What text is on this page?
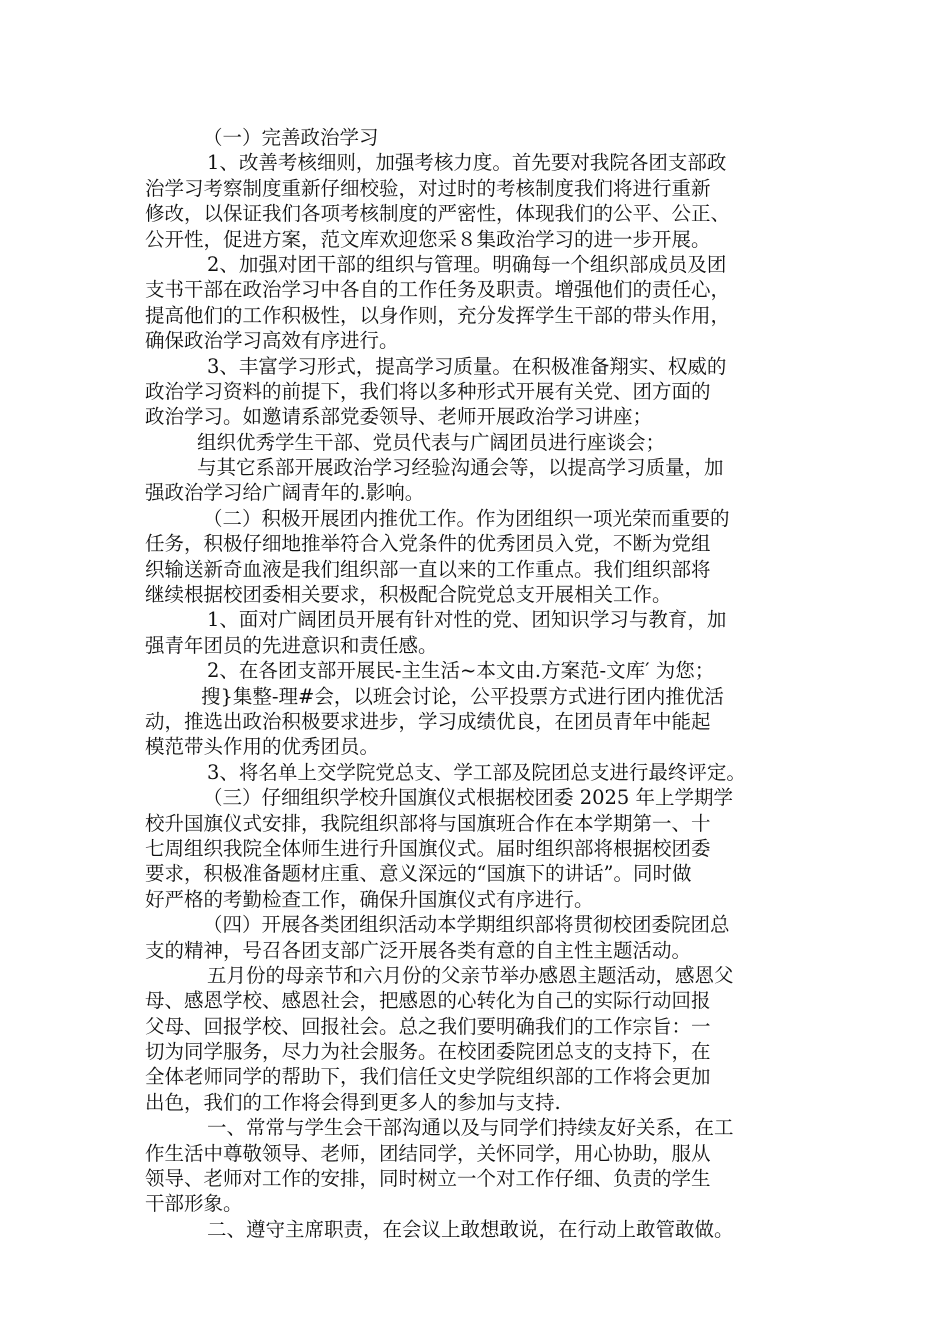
（一）完善政治学习
1、改善考核细则，加强考核力度。首先要对我院各团支部政
治学习考察制度重新仔细校验，对过时的考核制度我们将进行重新
修改，以保证我们各项考核制度的严密性，体现我们的公平、公正、
公开性，促进方案，范文库欢迎您采８集政治学习的进一步开展。
2、加强对团干部的组织与管理。明确每一个组织部成员及团
支书干部在政治学习中各自的工作任务及职责。增强他们的责任心，
提高他们的工作积极性，以身作则，充分发挥学生干部的带头作用，
确保政治学习高效有序进行。
3、丰富学习形式，提高学习质量。在积极准备翔实、权威的
政治学习资料的前提下，我们将以多种形式开展有关党、团方面的
政治学习。如邀请系部党委领导、老师开展政治学习讲座；
组织优秀学生干部、党员代表与广阔团员进行座谈会；
与其它系部开展政治学习经验沟通会等，以提高学习质量，加
强政治学习给广阔青年的.影响。
（二）积极开展团内推优工作。作为团组织一项光荣而重要的
任务，积极仔细地推举符合入党条件的优秀团员入党，不断为党组
织输送新奇血液是我们组织部一直以来的工作重点。我们组织部将
继续根据校团委相关要求，积极配合院党总支开展相关工作。
1、面对广阔团员开展有针对性的党、团知识学习与教育，加
强青年团员的先进意识和责任感。
2、在各团支部开展民-主生活~本文由.方案范-文库′ 为您；
搜}集整-理#会，以班会讨论，公平投票方式进行团内推优活
动，推选出政治积极要求进步，学习成绩优良，在团员青年中能起
模范带头作用的优秀团员。
3、将名单上交学院党总支、学工部及院团总支进行最终评定。
（三）仔细组织学校升国旗仪式根据校团委 2025 年上学期学
校升国旗仪式安排，我院组织部将与国旗班合作在本学期第一、十
七周组织我院全体师生进行升国旗仪式。届时组织部将根据校团委
要求，积极准备题材庄重、意义深远的“国旗下的讲话”。同时做
好严格的考勤检查工作，确保升国旗仪式有序进行。
（四）开展各类团组织活动本学期组织部将贯彻校团委院团总
支的精神，号召各团支部广泛开展各类有意的自主性主题活动。
五月份的母亲节和六月份的父亲节举办感恩主题活动，感恩父
母、感恩学校、感恩社会，把感恩的心转化为自己的实际行动回报
父母、回报学校、回报社会。总之我们要明确我们的工作宗旨：一
切为同学服务，尽力为社会服务。在校团委院团总支的支持下，在
全体老师同学的帮助下，我们信任文史学院组织部的工作将会更加
出色，我们的工作将会得到更多人的参加与支持.
一、常常与学生会干部沟通以及与同学们持续友好关系，在工
作生活中尊敬领导、老师，团结同学，关怀同学，用心协助，服从
领导、老师对工作的安排，同时树立一个对工作仔细、负责的学生
干部形象。
二、遵守主席职责，在会议上敢想敢说，在行动上敢管敢做。
